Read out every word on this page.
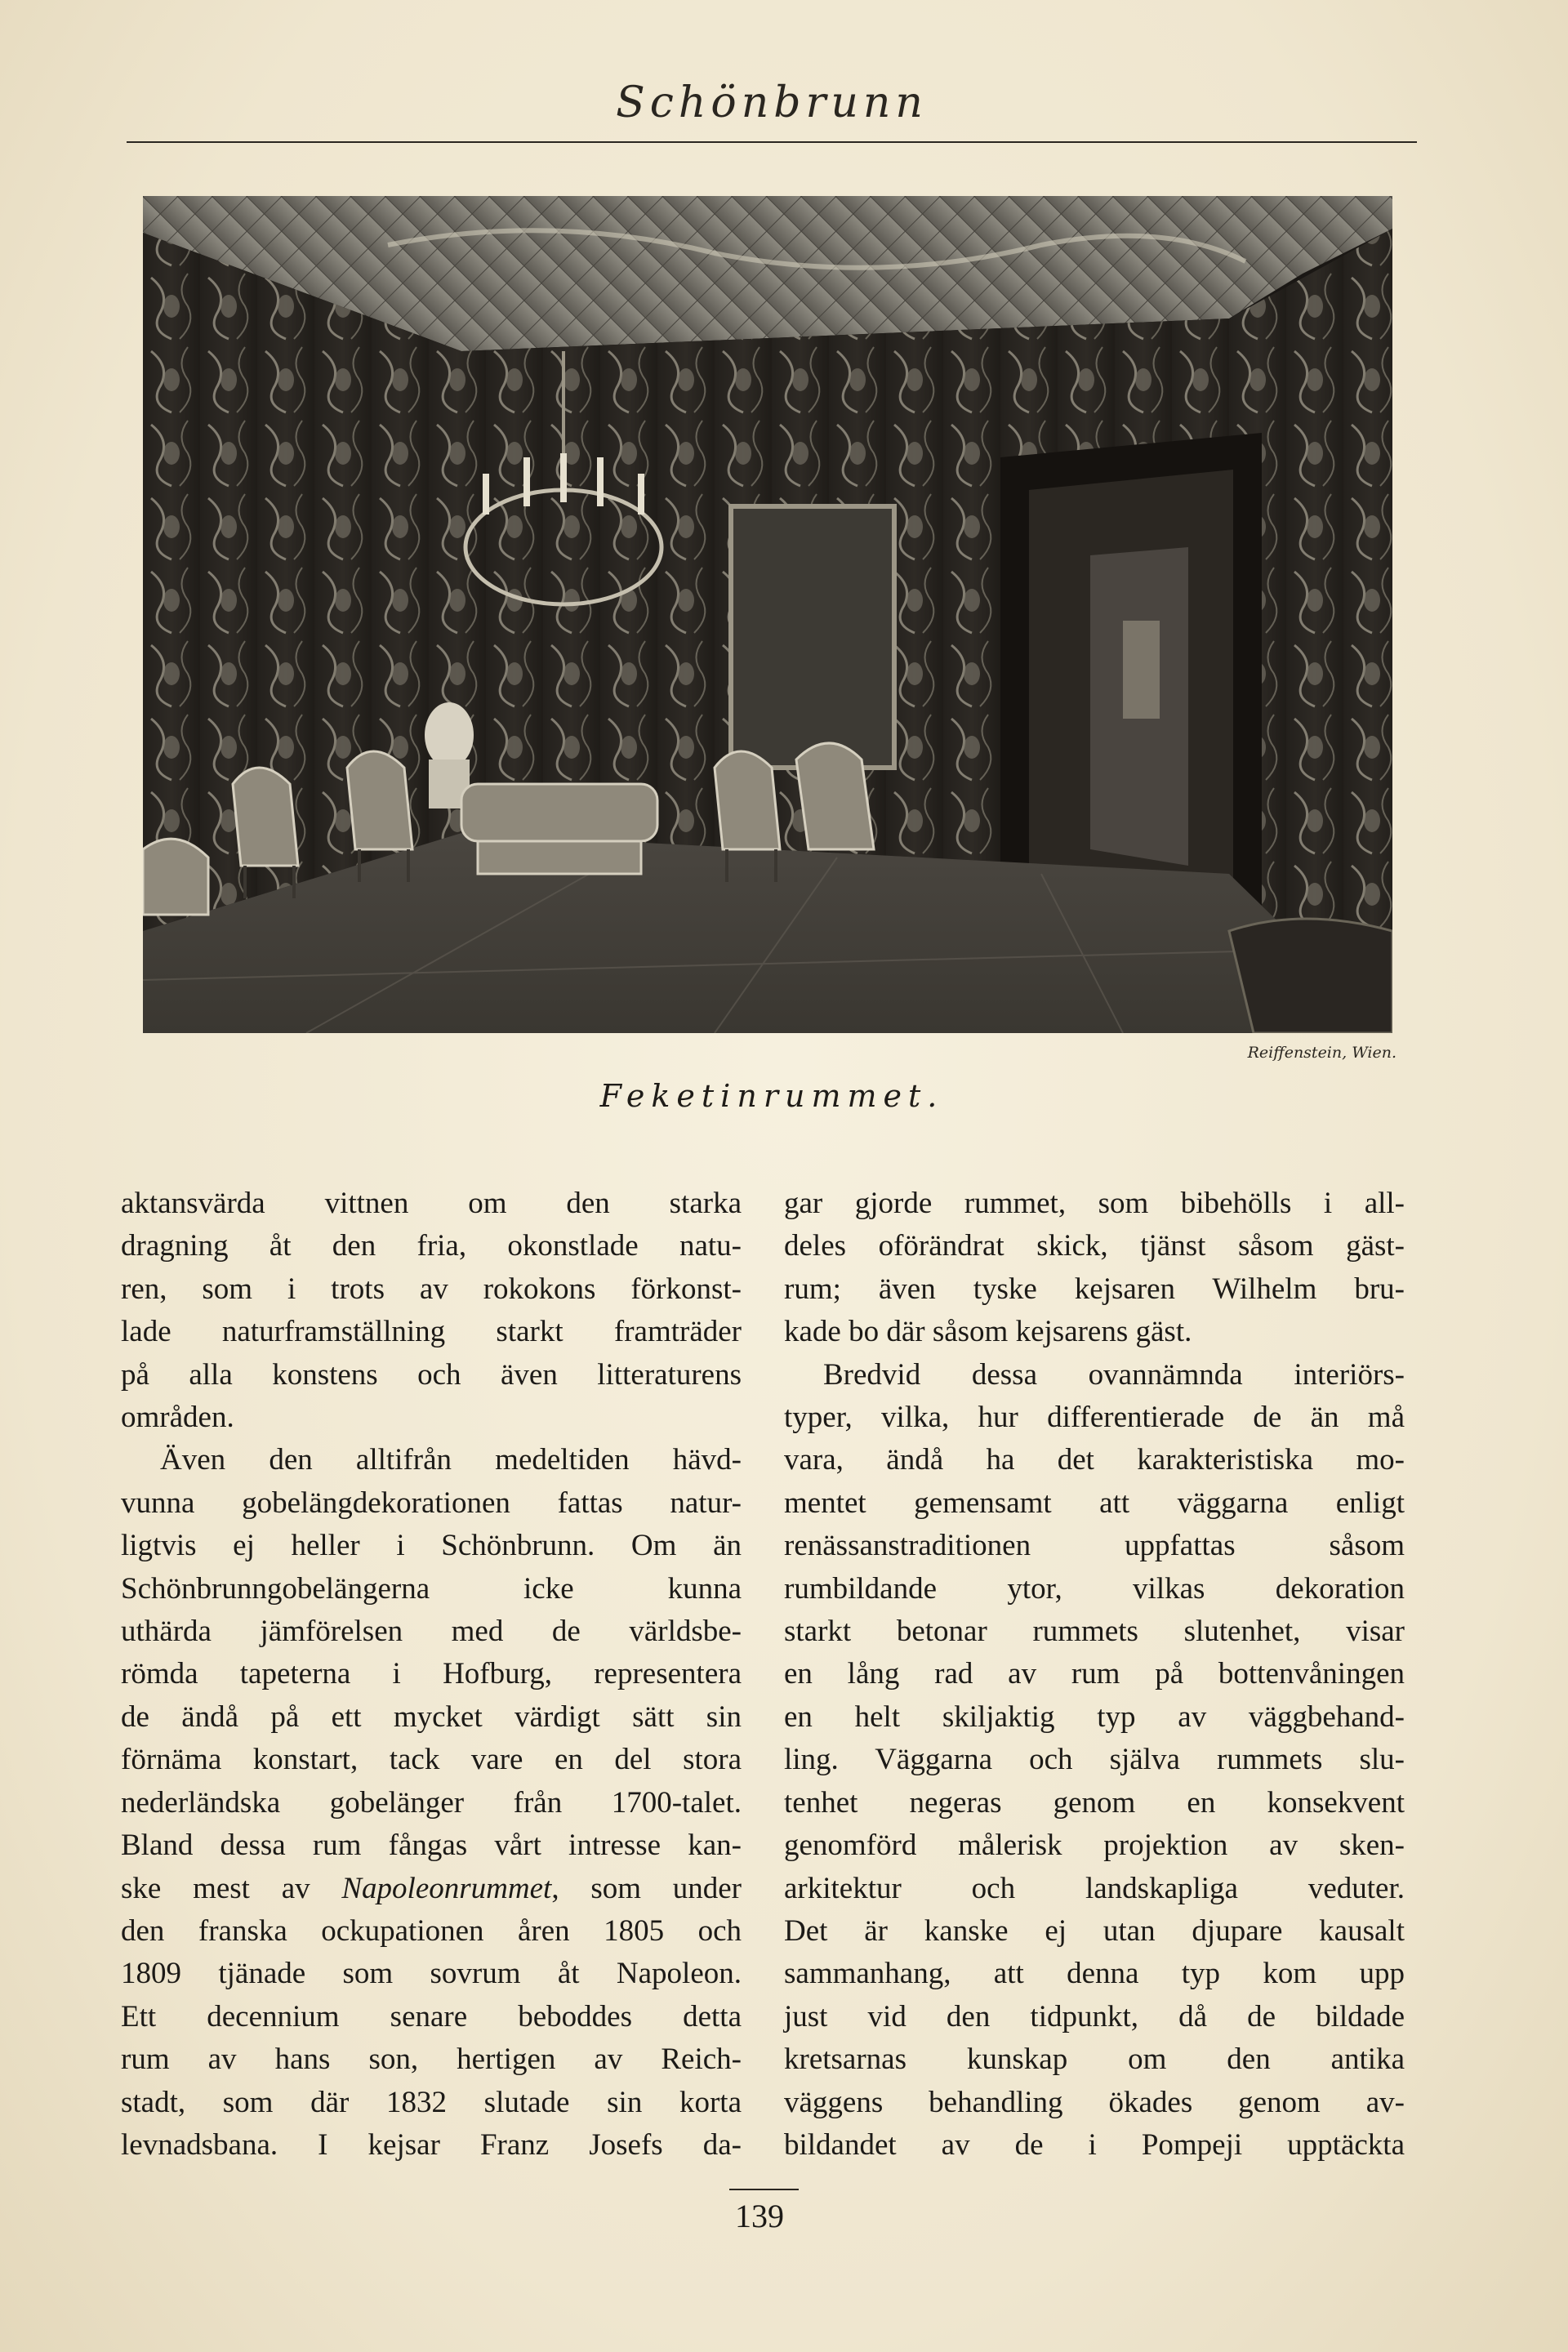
Schönbrunn
Reiffenstein, Wien.
Feketinrummet.
aktansvärda vittnen om den starka
dragning åt den fria, okonstlade natu-
ren, som i trots av rokokons förkonst-
lade naturframställning starkt framträder
på alla konstens och även litteraturens
områden.
Även den alltifrån medeltiden hävd-
vunna gobelängdekorationen fattas natur-
ligtvis ej heller i Schönbrunn. Om än
Schönbrunngobelängerna icke kunna
uthärda jämförelsen med de världsbe-
römda tapeterna i Hofburg, representera
de ändå på ett mycket värdigt sätt sin
förnäma konstart, tack vare en del stora
nederländska gobelänger från 1700-talet.
Bland dessa rum fångas vårt intresse kan-
ske mest av Napoleonrummet, som under
den franska ockupationen åren 1805 och
1809 tjänade som sovrum åt Napoleon.
Ett decennium senare beboddes detta
rum av hans son, hertigen av Reich-
stadt, som där 1832 slutade sin korta
levnadsbana. I kejsar Franz Josefs da-
gar gjorde rummet, som bibehölls i all-
deles oförändrat skick, tjänst såsom gäst-
rum; även tyske kejsaren Wilhelm bru-
kade bo där såsom kejsarens gäst.
Bredvid dessa ovannämnda interiörs-
typer, vilka, hur differentierade de än må
vara, ändå ha det karakteristiska mo-
mentet gemensamt att väggarna enligt
renässanstraditionen uppfattas såsom
rumbildande ytor, vilkas dekoration
starkt betonar rummets slutenhet, visar
en lång rad av rum på bottenvåningen
en helt skiljaktig typ av väggbehand-
ling. Väggarna och själva rummets slu-
tenhet negeras genom en konsekvent
genomförd målerisk projektion av sken-
arkitektur och landskapliga veduter.
Det är kanske ej utan djupare kausalt
sammanhang, att denna typ kom upp
just vid den tidpunkt, då de bildade
kretsarnas kunskap om den antika
väggens behandling ökades genom av-
bildandet av de i Pompeji upptäckta
139
